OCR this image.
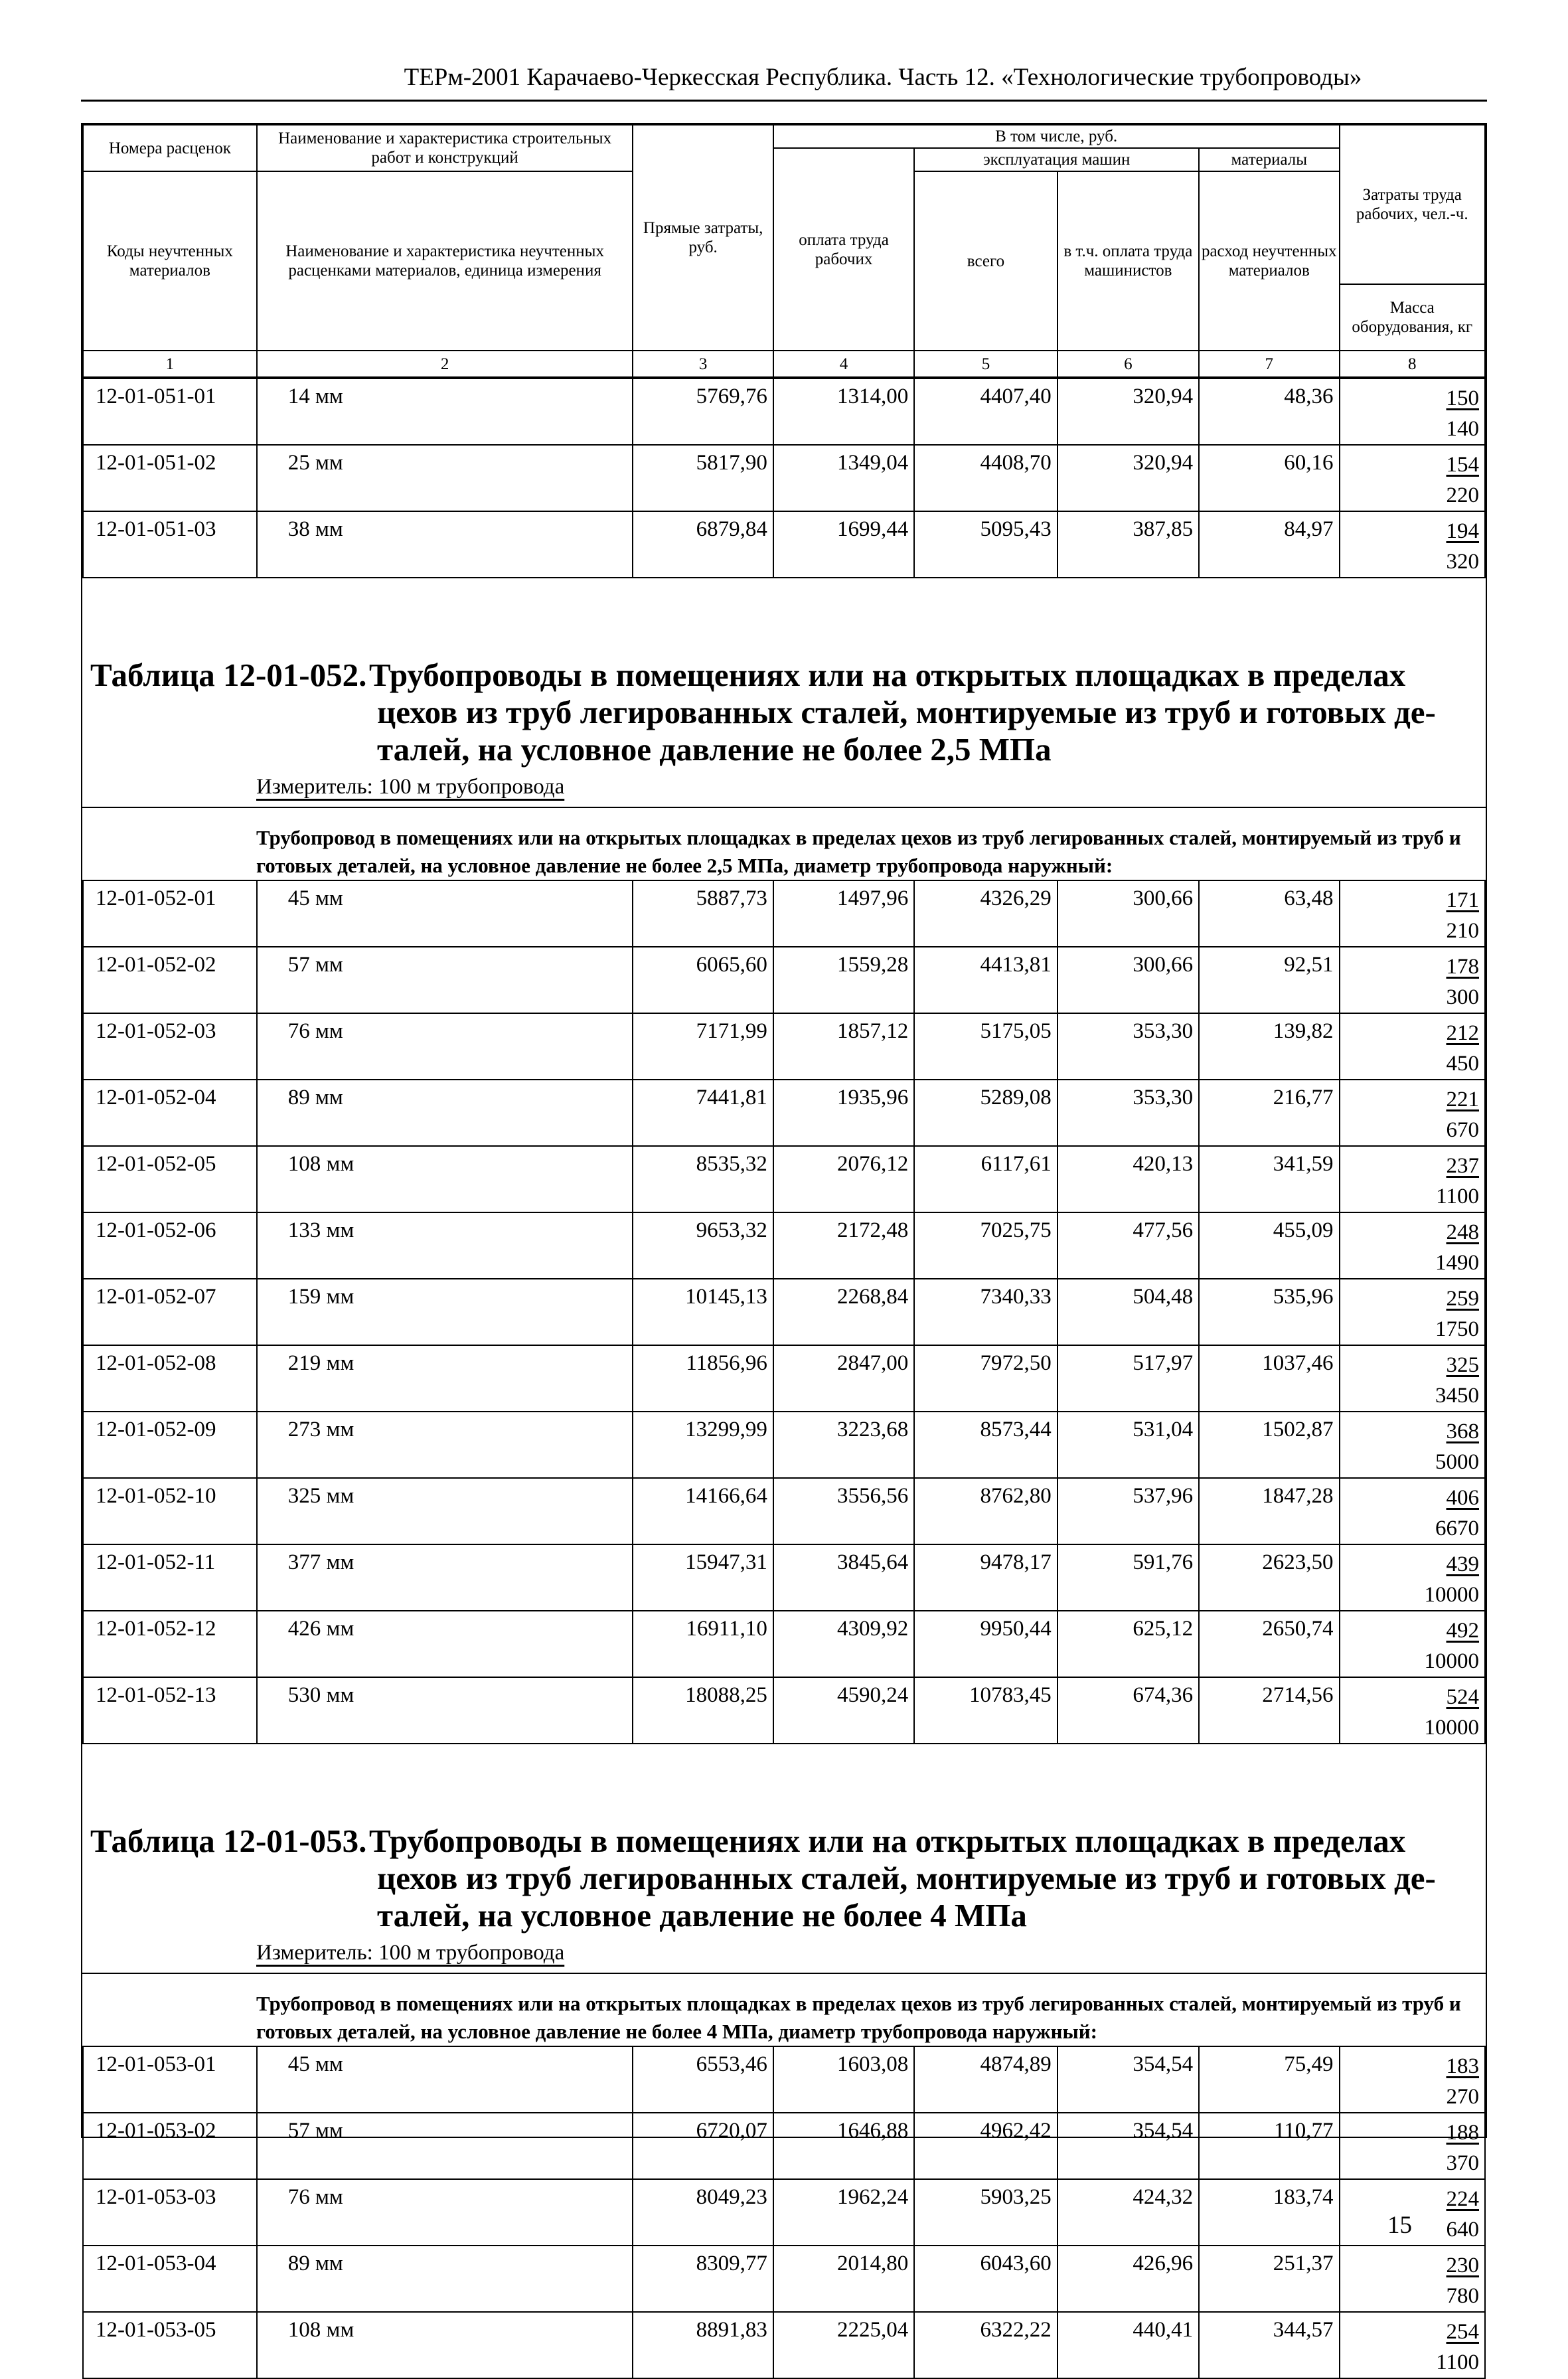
ТЕРм-2001 Карачаево-Черкесская Республика. Часть 12. «Технологические трубопроводы»
Номера расценок	Наименование и характеристика строительных работ и конструкций	Прямые затраты, руб.	В том числе, руб.				Затраты труда рабочих, чел.-ч.
			оплата труда рабочих	эксплуатация машин		материалы	
Коды неучтенных материалов	Наименование и характеристика неучтенных расценками материалов, единица измерения			всего	в т.ч. оплата труда машинистов	расход неучтенных материалов	

							Масса оборудования, кг
1	2	3	4	5	6	7	8
12-01-051-01	14 мм	5769,76	1314,00	4407,40	320,94	48,36	150
140

12-01-051-02	25 мм	5817,90	1349,04	4408,70	320,94	60,16	154
220

12-01-051-03	38 мм	6879,84	1699,44	5095,43	387,85	84,97	194
320
Таблица 12-01-052.Трубопроводы в помещениях или на открытых площадках в пределах
цехов из труб легированных сталей, монтируемые из труб и готовых де-
талей, на условное давление не более 2,5 МПа
Измеритель: 100 м трубопровода
Трубопровод в помещениях или на открытых площадках в пределах цехов из труб легированных сталей, монтируемый из труб и готовых деталей, на условное давление не более 2,5 МПа, диаметр трубопровода наружный:
12-01-052-01	45 мм	5887,73	1497,96	4326,29	300,66	63,48	171
210

12-01-052-02	57 мм	6065,60	1559,28	4413,81	300,66	92,51	178
300

12-01-052-03	76 мм	7171,99	1857,12	5175,05	353,30	139,82	212
450

12-01-052-04	89 мм	7441,81	1935,96	5289,08	353,30	216,77	221
670

12-01-052-05	108 мм	8535,32	2076,12	6117,61	420,13	341,59	237
1100

12-01-052-06	133 мм	9653,32	2172,48	7025,75	477,56	455,09	248
1490

12-01-052-07	159 мм	10145,13	2268,84	7340,33	504,48	535,96	259
1750

12-01-052-08	219 мм	11856,96	2847,00	7972,50	517,97	1037,46	325
3450

12-01-052-09	273 мм	13299,99	3223,68	8573,44	531,04	1502,87	368
5000

12-01-052-10	325 мм	14166,64	3556,56	8762,80	537,96	1847,28	406
6670

12-01-052-11	377 мм	15947,31	3845,64	9478,17	591,76	2623,50	439
10000

12-01-052-12	426 мм	16911,10	4309,92	9950,44	625,12	2650,74	492
10000

12-01-052-13	530 мм	18088,25	4590,24	10783,45	674,36	2714,56	524
10000
Таблица 12-01-053.Трубопроводы в помещениях или на открытых площадках в пределах
цехов из труб легированных сталей, монтируемые из труб и готовых де-
талей, на условное давление не более 4 МПа
Измеритель: 100 м трубопровода
Трубопровод в помещениях или на открытых площадках в пределах цехов из труб легированных сталей, монтируемый из труб и готовых деталей, на условное давление не более 4 МПа, диаметр трубопровода наружный:
12-01-053-01	45 мм	6553,46	1603,08	4874,89	354,54	75,49	183
270

12-01-053-02	57 мм	6720,07	1646,88	4962,42	354,54	110,77	188
370

12-01-053-03	76 мм	8049,23	1962,24	5903,25	424,32	183,74	224
640

12-01-053-04	89 мм	8309,77	2014,80	6043,60	426,96	251,37	230
780

12-01-053-05	108 мм	8891,83	2225,04	6322,22	440,41	344,57	254
1100
15
